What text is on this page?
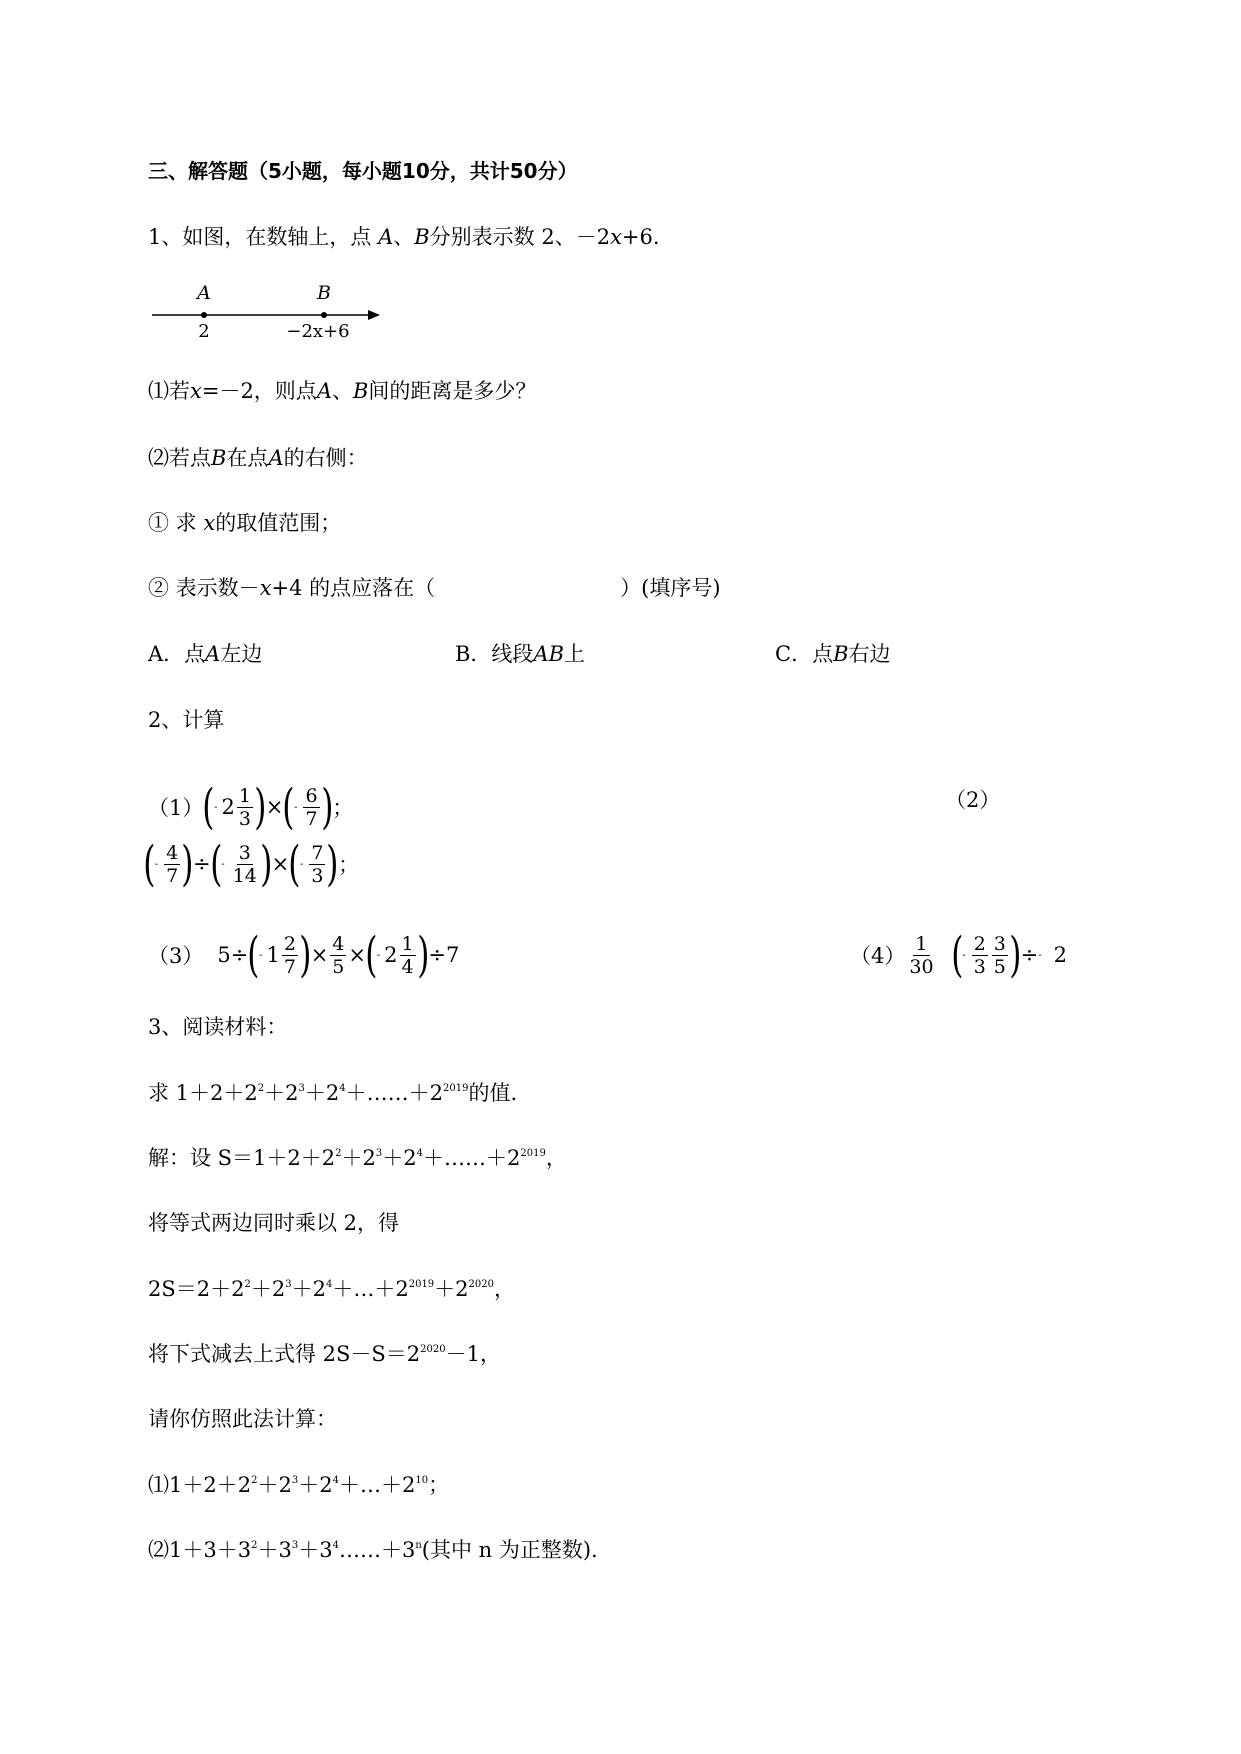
三、解答题（5小题，每小题10分，共计50分）
1、如图，在数轴上，点 A、B分别表示数 2、－2x+6.
A	B
2	−2x+6
⑴若x=－2，则点A、B间的距离是多少？
⑵若点B在点A的右侧：
① 求 x的取值范围；
② 表示数－x+4 的点应落在（	）(填序号)
A．点A左边	B．线段AB上	C．点B右边
2、计算
（1） ( - 2 1
3 ) × ( -
6
7 ) ；	（2）
( -
4
7 ) ÷ ( -
3
14 ) × ( -
7
3 ) ；
（3） 5 ÷ ( - 1 2
7 ) × $\frac{4}{5}$ × ( - 2 1
4 ) ÷ 7	（4）
1
30 ( -
2
3
3
5 ) ÷ - 2
3、阅读材料：
求 $1+2+2^2+2^3+2^4+\dots\dots+2^{2019}$的值.
解：设 $S=1+2+2^2+2^3+2^4+\dots\dots+2^{2019}$，
将等式两边同时乘以 2，得
$2S=2+2^2+2^3+2^4+\dots+2^{2019}+2^{2020}$，
将下式减去上式得 $2S-S=2^{2020}-1$，
请你仿照此法计算：
$⑴1+2+2^2+2^3+2^4+\dots+2^{10}$；
$⑵1+3+3^2+3^3+3^4\dots\dots+3^n$(其中 n 为正整数).
